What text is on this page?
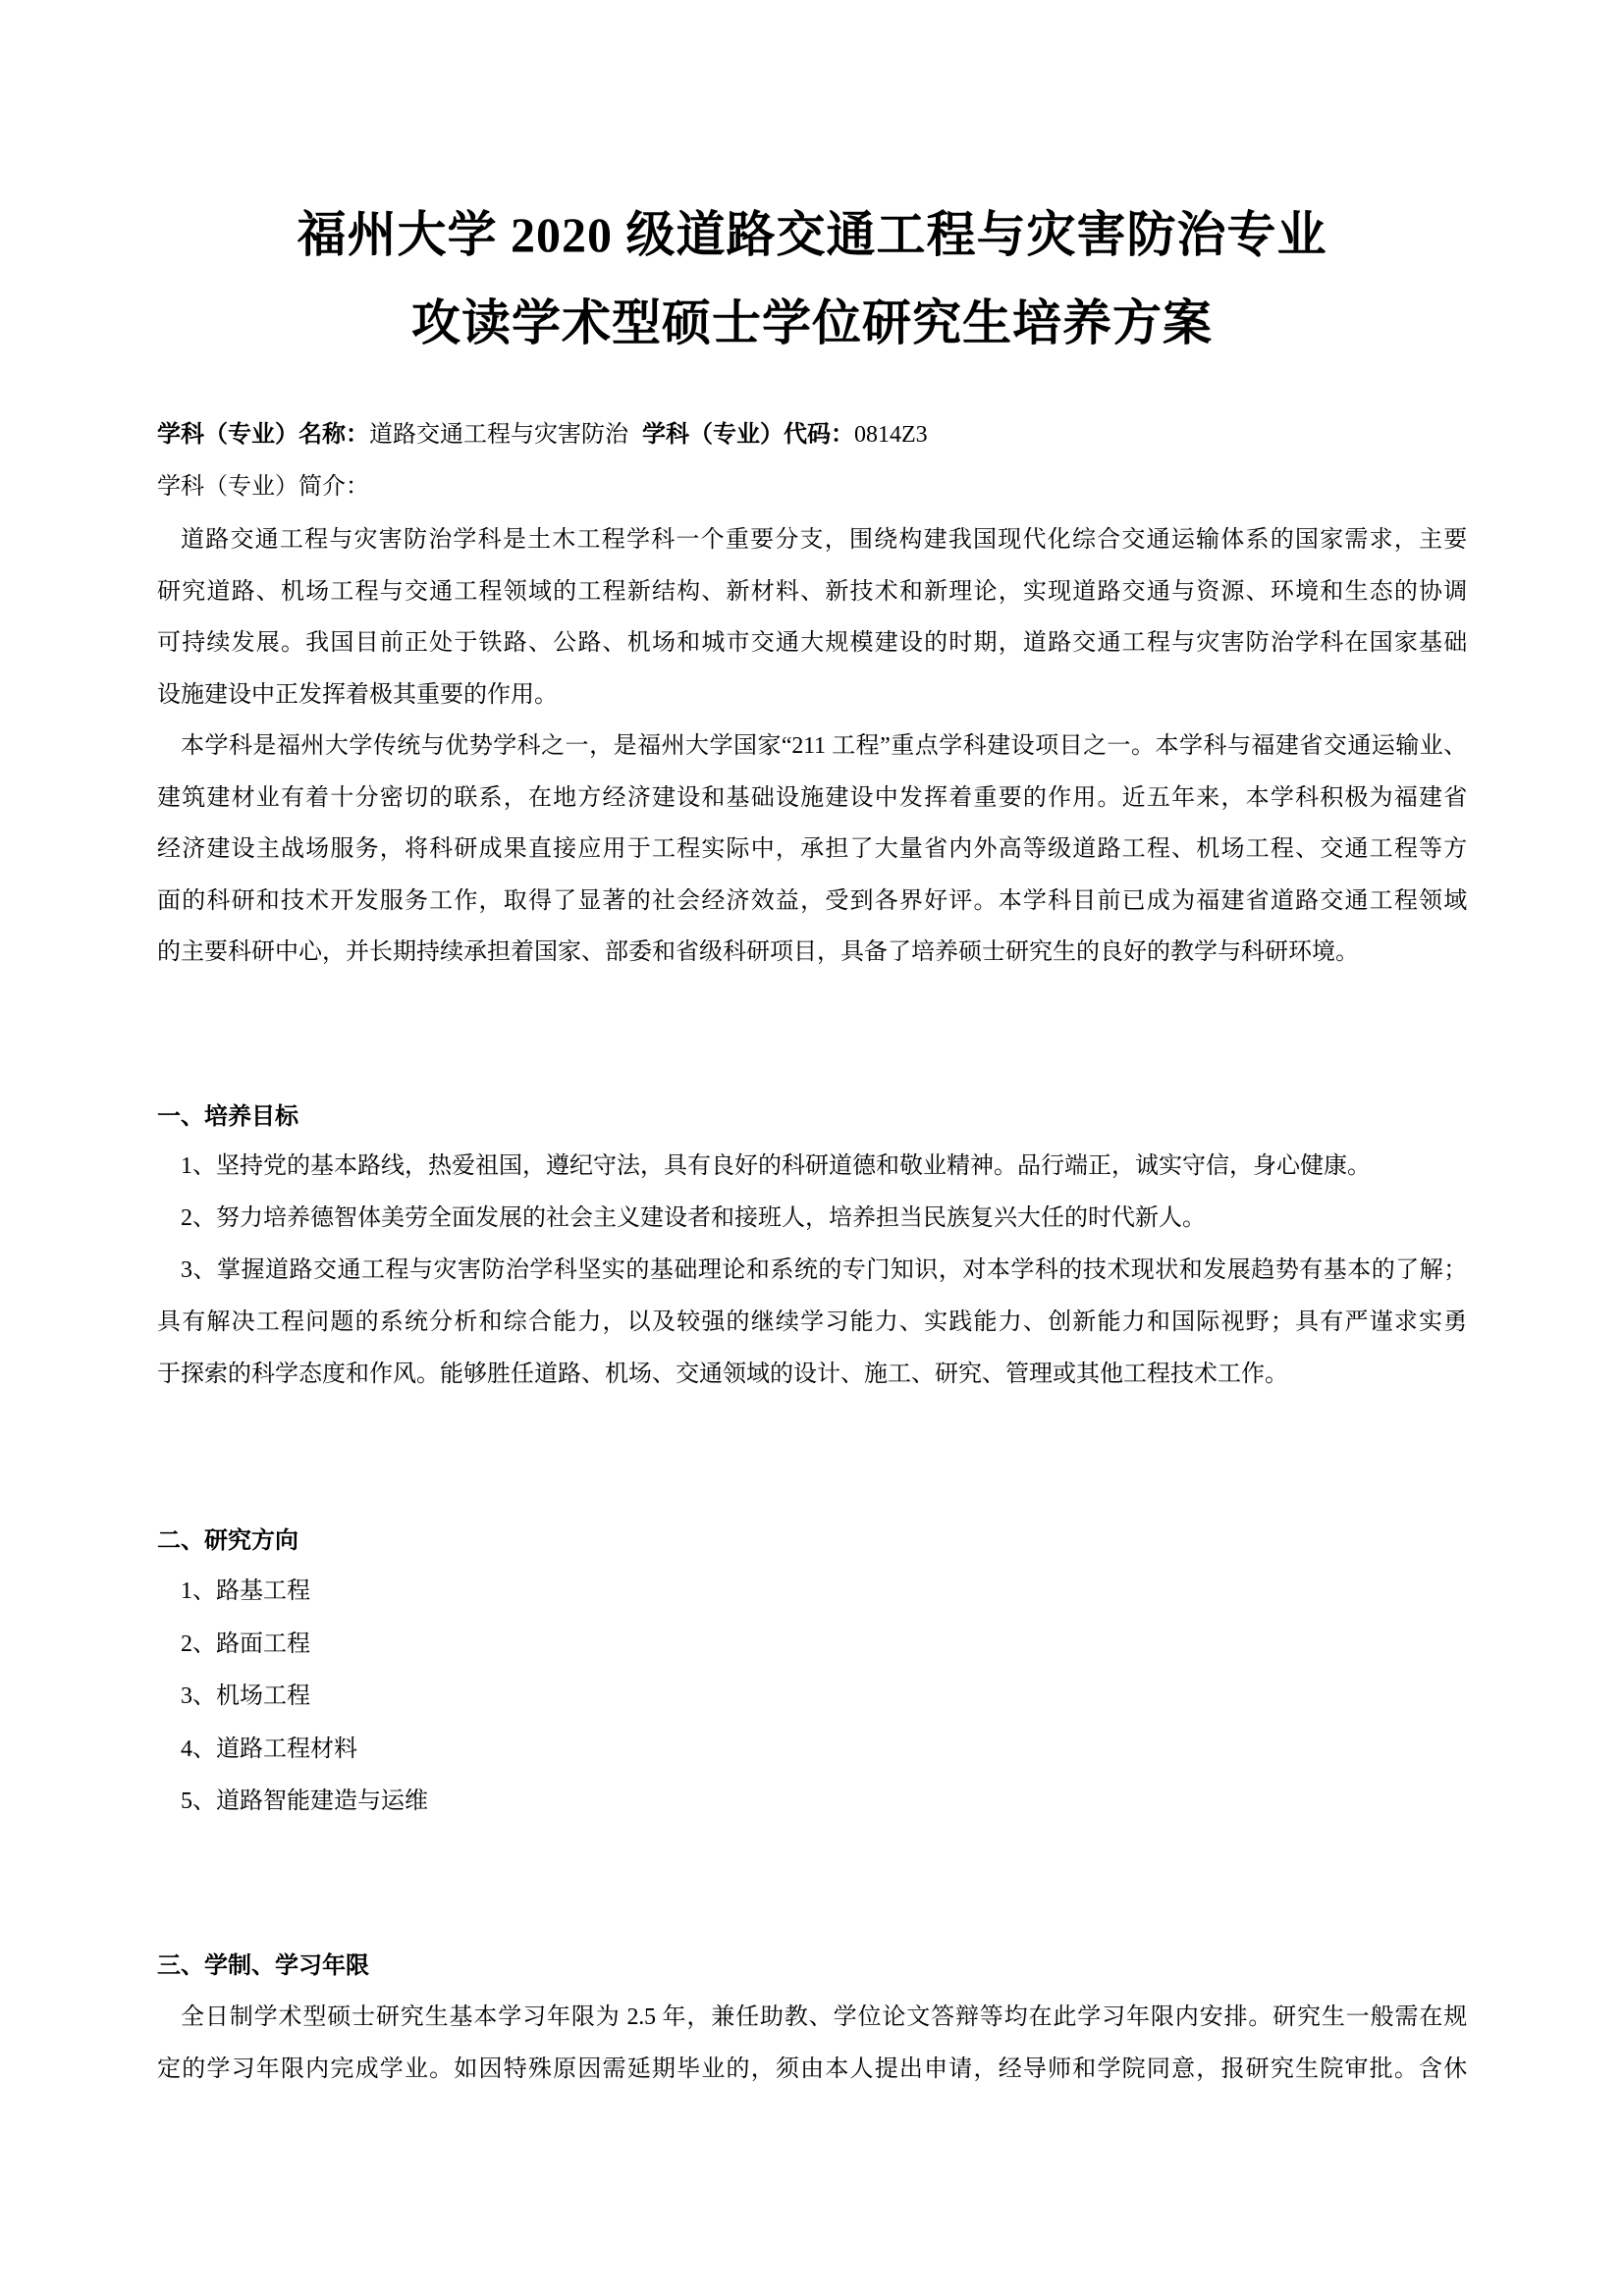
福州大学 2020 级道路交通工程与灾害防治专业
攻读学术型硕士学位研究生培养方案
学科（专业）名称：道路交通工程与灾害防治 学科（专业）代码：0814Z3
学科（专业）简介：
道路交通工程与灾害防治学科是土木工程学科一个重要分支，围绕构建我国现代化综合交通运输体系的国家需求，主要
研究道路、机场工程与交通工程领域的工程新结构、新材料、新技术和新理论，实现道路交通与资源、环境和生态的协调
可持续发展。我国目前正处于铁路、公路、机场和城市交通大规模建设的时期，道路交通工程与灾害防治学科在国家基础
设施建设中正发挥着极其重要的作用。
本学科是福州大学传统与优势学科之一，是福州大学国家“211 工程”重点学科建设项目之一。本学科与福建省交通运输业、
建筑建材业有着十分密切的联系，在地方经济建设和基础设施建设中发挥着重要的作用。近五年来，本学科积极为福建省
经济建设主战场服务，将科研成果直接应用于工程实际中，承担了大量省内外高等级道路工程、机场工程、交通工程等方
面的科研和技术开发服务工作，取得了显著的社会经济效益，受到各界好评。本学科目前已成为福建省道路交通工程领域
的主要科研中心，并长期持续承担着国家、部委和省级科研项目，具备了培养硕士研究生的良好的教学与科研环境。
一、培养目标
1、坚持党的基本路线，热爱祖国，遵纪守法，具有良好的科研道德和敬业精神。品行端正，诚实守信，身心健康。
2、努力培养德智体美劳全面发展的社会主义建设者和接班人，培养担当民族复兴大任的时代新人。
3、掌握道路交通工程与灾害防治学科坚实的基础理论和系统的专门知识，对本学科的技术现状和发展趋势有基本的了解；
具有解决工程问题的系统分析和综合能力，以及较强的继续学习能力、实践能力、创新能力和国际视野；具有严谨求实勇
于探索的科学态度和作风。能够胜任道路、机场、交通领域的设计、施工、研究、管理或其他工程技术工作。
二、研究方向
1、路基工程
2、路面工程
3、机场工程
4、道路工程材料
5、道路智能建造与运维
三、学制、学习年限
全日制学术型硕士研究生基本学习年限为 2.5 年，兼任助教、学位论文答辩等均在此学习年限内安排。研究生一般需在规
定的学习年限内完成学业。如因特殊原因需延期毕业的，须由本人提出申请，经导师和学院同意，报研究生院审批。含休
